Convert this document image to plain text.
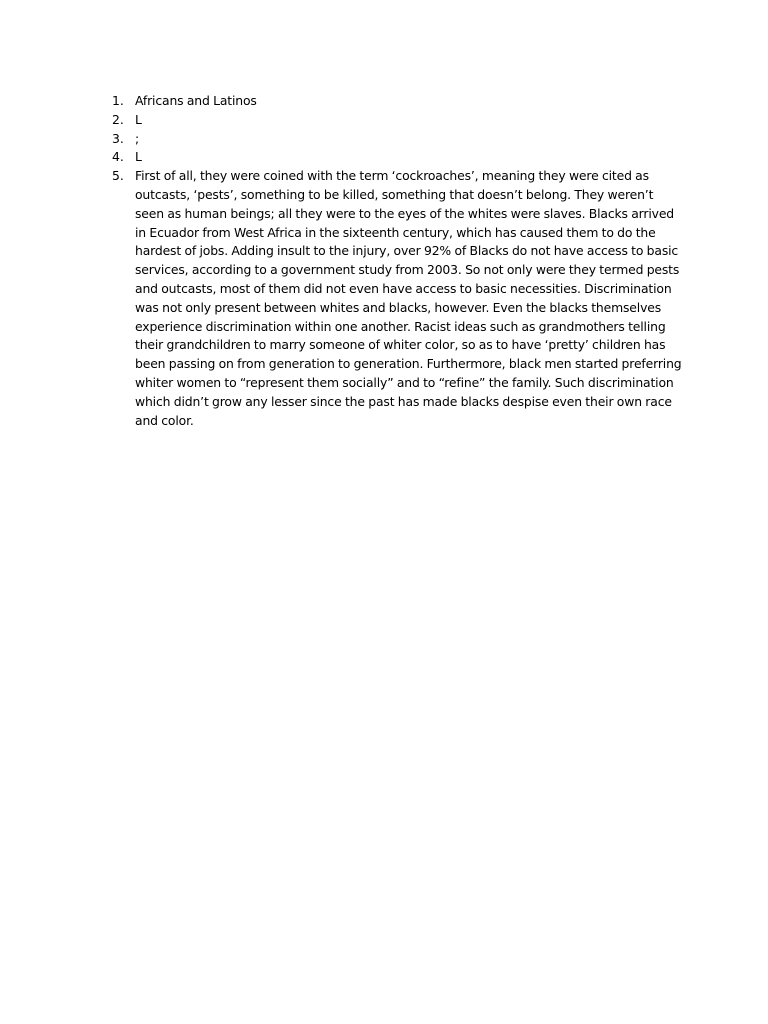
1. Africans and Latinos
2. L
3. ;
4. L
5. First of all, they were coined with the term ‘cockroaches’, meaning they were cited as outcasts, ‘pests’, something to be killed, something that doesn’t belong. They weren’t seen as human beings; all they were to the eyes of the whites were slaves. Blacks arrived in Ecuador from West Africa in the sixteenth century, which has caused them to do the hardest of jobs. Adding insult to the injury, over 92% of Blacks do not have access to basic services, according to a government study from 2003. So not only were they termed pests and outcasts, most of them did not even have access to basic necessities. Discrimination was not only present between whites and blacks, however. Even the blacks themselves experience discrimination within one another. Racist ideas such as grandmothers telling their grandchildren to marry someone of whiter color, so as to have ‘pretty’ children has been passing on from generation to generation. Furthermore, black men started preferring whiter women to “represent them socially” and to “refine” the family. Such discrimination which didn’t grow any lesser since the past has made blacks despise even their own race and color.
